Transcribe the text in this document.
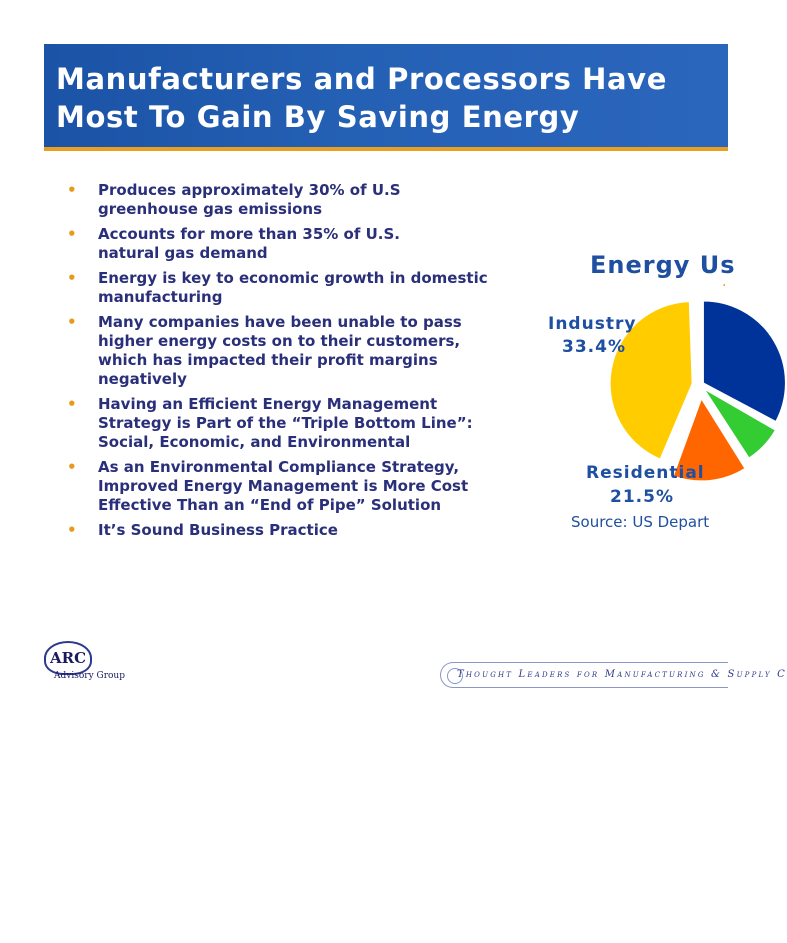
Manufacturers and Processors Have
Most To Gain By Saving Energy
• Produces approximately 30% of U.S
greenhouse gas emissions
• Accounts for more than 35% of U.S.
natural gas demand
• Energy is key to economic growth in domestic
manufacturing
• Many companies have been unable to pass
higher energy costs on to their customers,
which has impacted their profit margins
negatively
• Having an Efficient Energy Management
Strategy is Part of the “Triple Bottom Line”:
Social, Economic, and Environmental
• As an Environmental Compliance Strategy,
Improved Energy Management is More Cost
Effective Than an “End of Pipe” Solution
• It’s Sound Business Practice
Energy Us
·
Industry
33.4%
Residential
21.5%
Source: US Depart
ARC
Advisory Group	Thought Leaders for Manufacturing & Supply C
